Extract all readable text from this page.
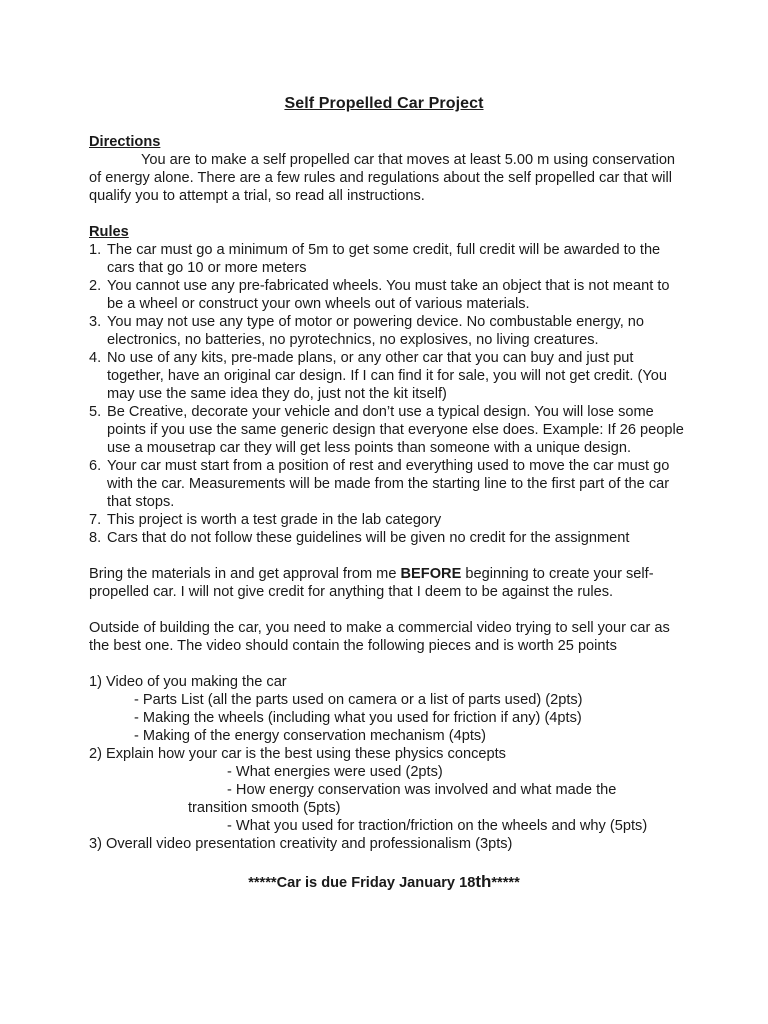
Self Propelled Car Project

Directions

You are to make a self propelled car that moves at least 5.00 m using conservation of energy alone. There are a few rules and regulations about the self propelled car that will qualify you to attempt a trial, so read all instructions.

Rules

1. The car must go a minimum of 5m to get some credit, full credit will be awarded to the cars that go 10 or more meters
2. You cannot use any pre-fabricated wheels. You must take an object that is not meant to be a wheel or construct your own wheels out of various materials.
3. You may not use any type of motor or powering device. No combustable energy, no electronics, no batteries, no pyrotechnics, no explosives, no living creatures.
4. No use of any kits, pre-made plans, or any other car that you can buy and just put together, have an original car design. If I can find it for sale, you will not get credit. (You may use the same idea they do, just not the kit itself)
5. Be Creative, decorate your vehicle and don’t use a typical design. You will lose some points if you use the same generic design that everyone else does. Example: If 26 people use a mousetrap car they will get less points than someone with a unique design.
6. Your car must start from a position of rest and everything used to move the car must go with the car. Measurements will be made from the starting line to the first part of the car that stops.
7. This project is worth a test grade in the lab category
8. Cars that do not follow these guidelines will be given no credit for the assignment

Bring the materials in and get approval from me BEFORE beginning to create your self-propelled car. I will not give credit for anything that I deem to be against the rules.

Outside of building the car, you need to make a commercial video trying to sell your car as the best one. The video should contain the following pieces and is worth 25 points

1) Video of you making the car

- Parts List (all the parts used on camera or a list of parts used) (2pts)

- Making the wheels (including what you used for friction if any) (4pts)

- Making of the energy conservation mechanism (4pts)

2) Explain how your car is the best using these physics concepts

- What energies were used (2pts)

- How energy conservation was involved and what made the

transition smooth (5pts)

- What you used for traction/friction on the wheels and why (5pts)

3) Overall video presentation creativity and professionalism (3pts)

*****Car is due Friday January 18th*****
